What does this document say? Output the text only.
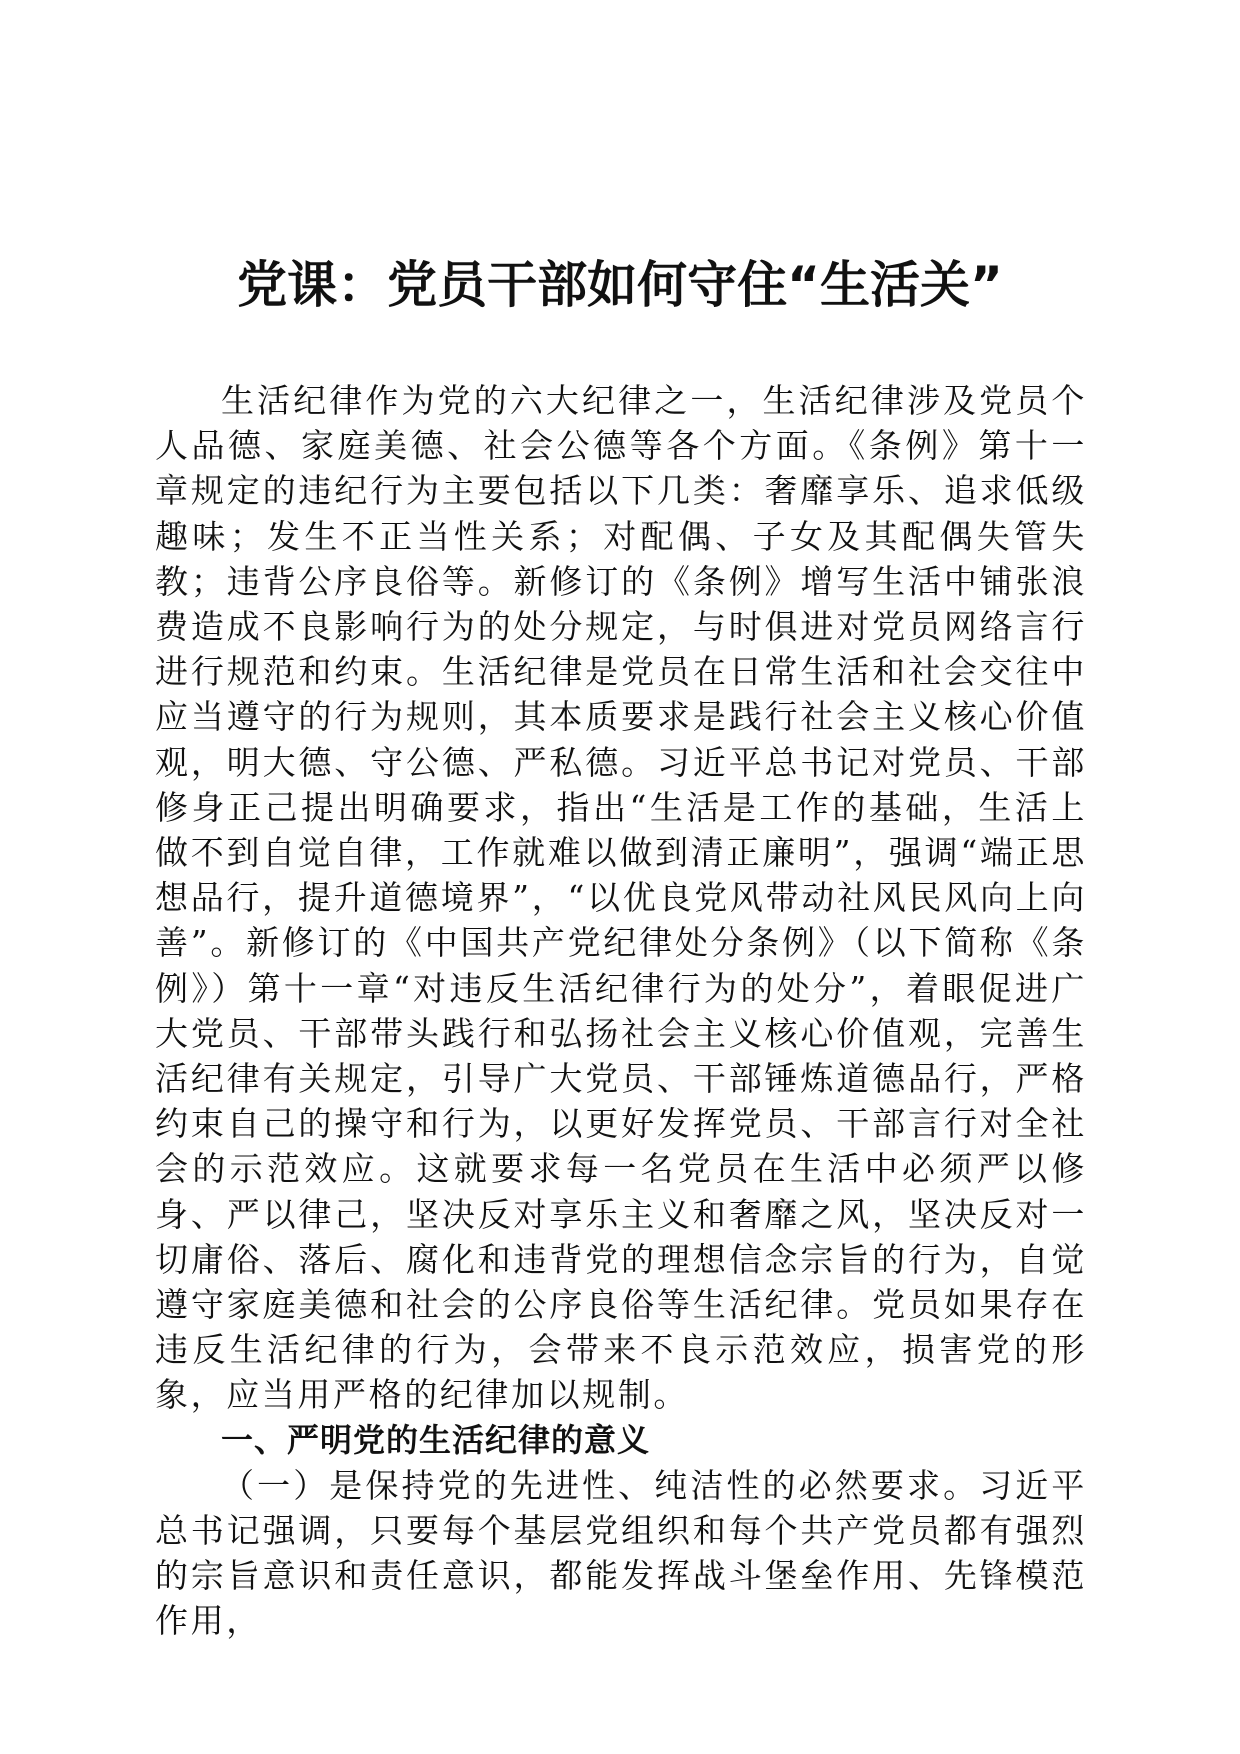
党课：党员干部如何守住“生活关”

生活纪律作为党的六大纪律之一，生活纪律涉及党员个人品德、家庭美德、社会公德等各个方面。《条例》第十一章规定的违纪行为主要包括以下几类：奢靡享乐、追求低级趣味；发生不正当性关系；对配偶、子女及其配偶失管失教；违背公序良俗等。新修订的《条例》增写生活中铺张浪费造成不良影响行为的处分规定，与时俱进对党员网络言行进行规范和约束。生活纪律是党员在日常生活和社会交往中应当遵守的行为规则，其本质要求是践行社会主义核心价值观，明大德、守公德、严私德。习近平总书记对党员、干部修身正己提出明确要求，指出“生活是工作的基础，生活上做不到自觉自律，工作就难以做到清正廉明”，强调“端正思想品行，提升道德境界”，“以优良党风带动社风民风向上向善”。新修订的《中国共产党纪律处分条例》（以下简称《条例》）第十一章“对违反生活纪律行为的处分”，着眼促进广大党员、干部带头践行和弘扬社会主义核心价值观，完善生活纪律有关规定，引导广大党员、干部锤炼道德品行，严格约束自己的操守和行为，以更好发挥党员、干部言行对全社会的示范效应。这就要求每一名党员在生活中必须严以修身、严以律己，坚决反对享乐主义和奢靡之风，坚决反对一切庸俗、落后、腐化和违背党的理想信念宗旨的行为，自觉遵守家庭美德和社会的公序良俗等生活纪律。党员如果存在违反生活纪律的行为，会带来不良示范效应，损害党的形象，应当用严格的纪律加以规制。

一、严明党的生活纪律的意义

（一）是保持党的先进性、纯洁性的必然要求。习近平总书记强调，只要每个基层党组织和每个共产党员都有强烈的宗旨意识和责任意识，都能发挥战斗堡垒作用、先锋模范作用，
